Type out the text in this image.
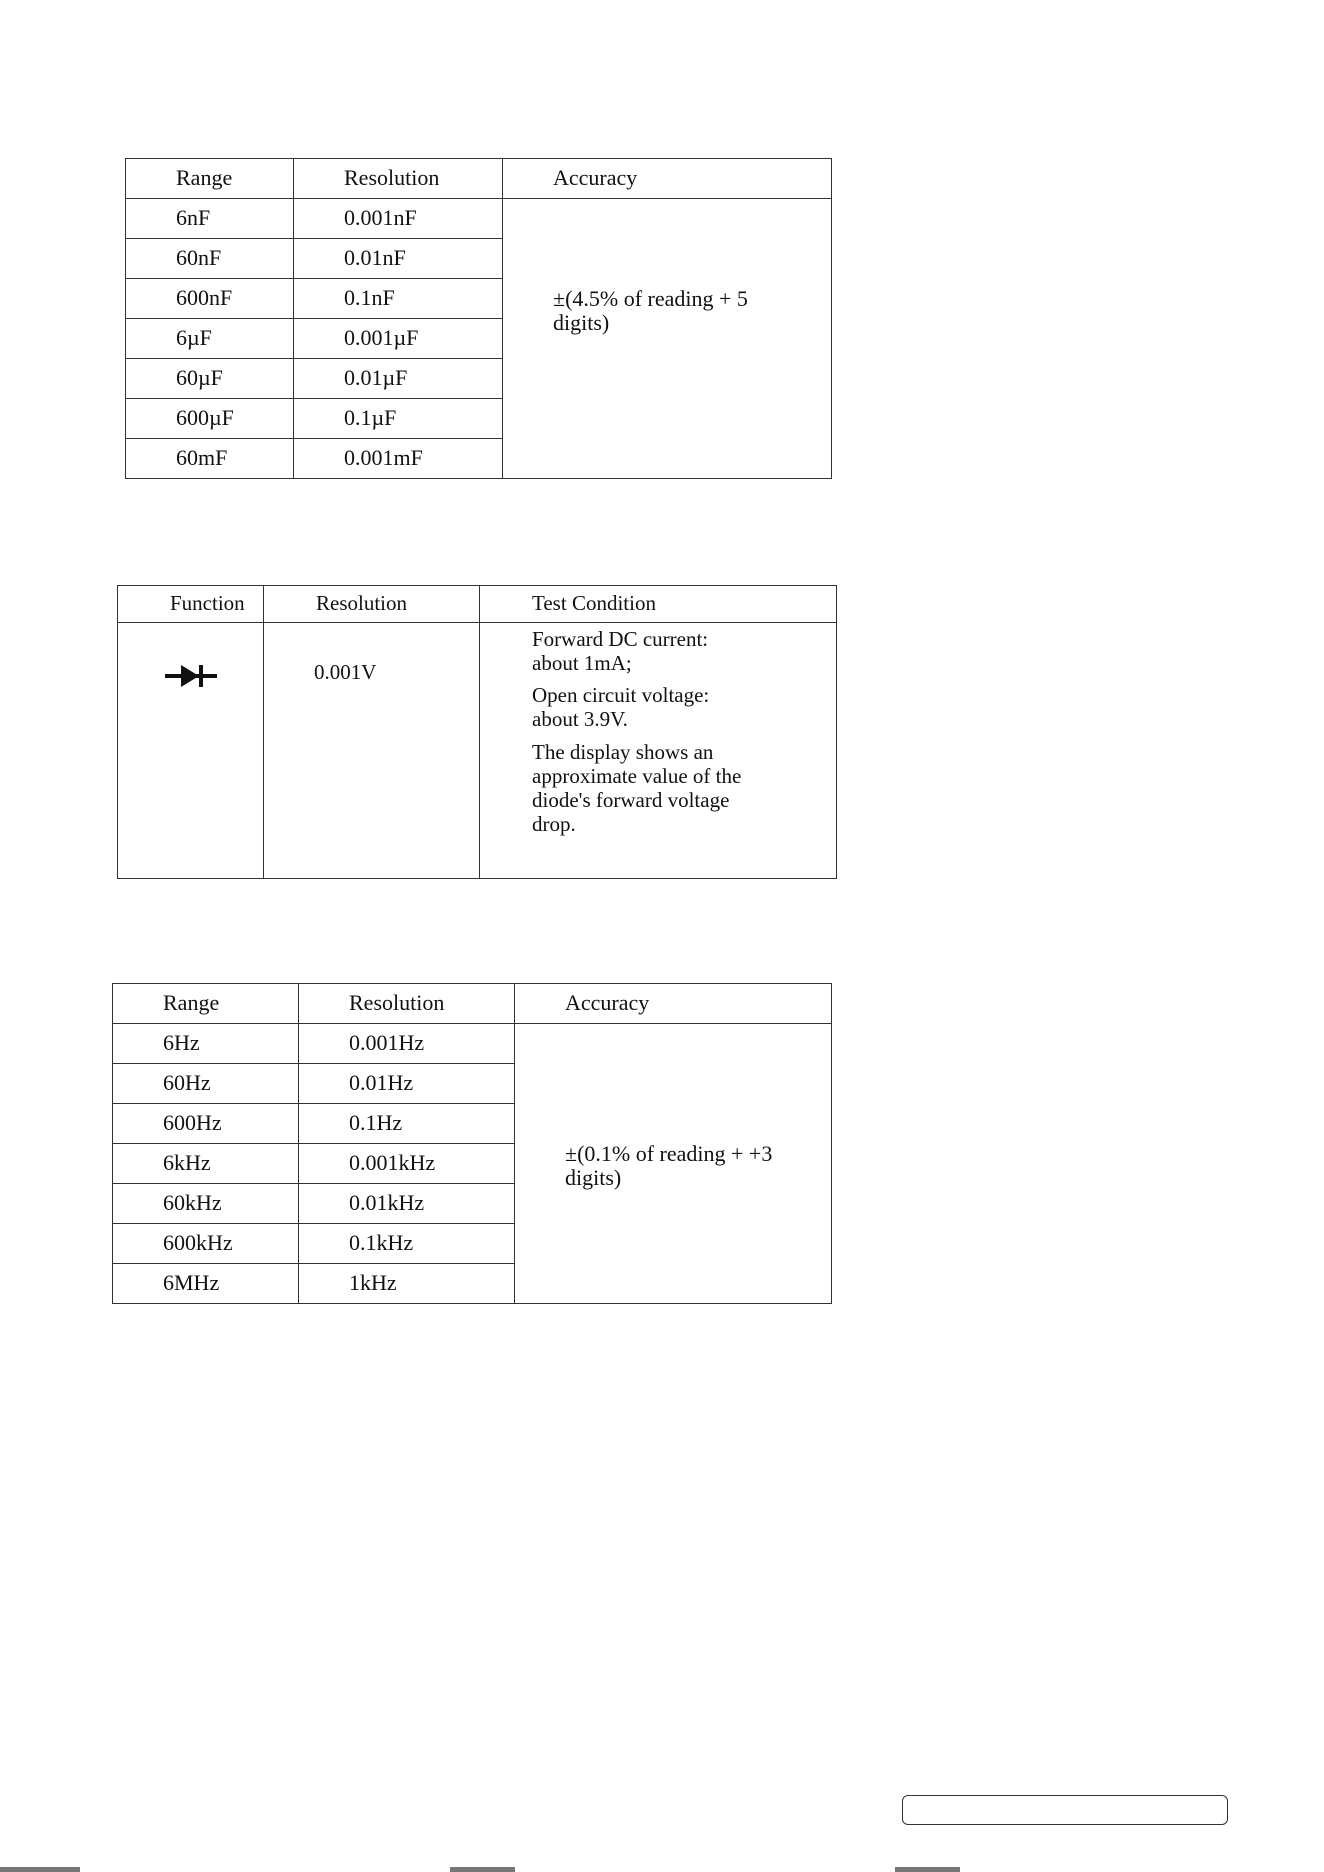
Range	Resolution	Accuracy
6nF	0.001nF	±(4.5% of reading + 5 digits)
60nF	0.01nF	
600nF	0.1nF	
6µF	0.001µF	
60µF	0.01µF	
600µF	0.1µF	
60mF	0.001mF	
Function	Resolution	Test Condition
	0.001V	Forward DC current: about 1mA;

Open circuit voltage: about 3.9V.

The display shows an approximate value of the diode's forward voltage drop.

Range	Resolution	Accuracy
6Hz	0.001Hz	±(0.1% of reading + +3 digits)
60Hz	0.01Hz	
600Hz	0.1Hz	
6kHz	0.001kHz	
60kHz	0.01kHz	
600kHz	0.1kHz	
6MHz	1kHz	
